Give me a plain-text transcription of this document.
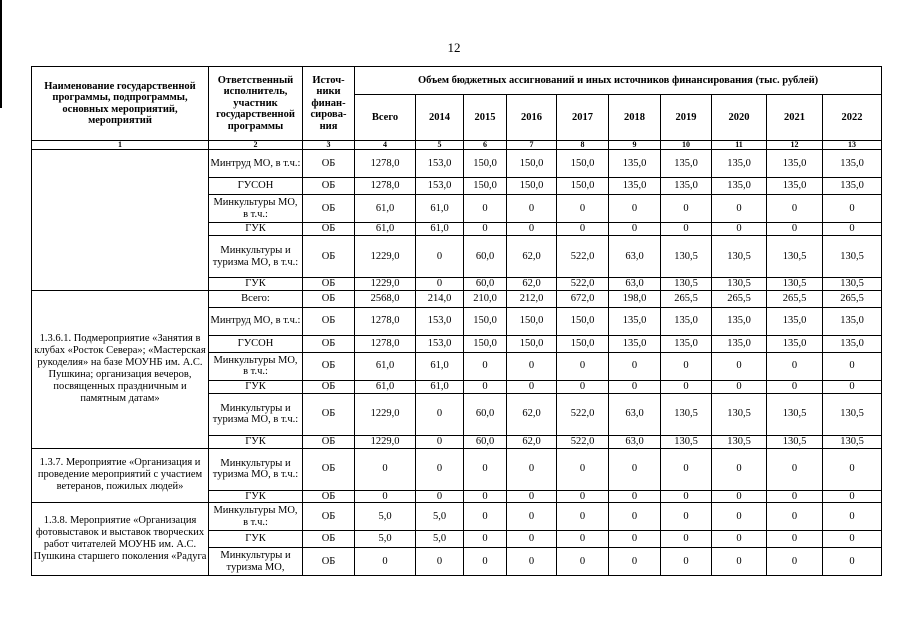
12
Наименование государственной программы, подпрограммы, основных мероприятий, мероприятий	Ответственный исполнитель, участник государственной программы	Источ-ники финан-сирова-ния	Объем бюджетных ассигнований и иных источников финансирования (тыс. рублей)									
			Всего	2014	2015	2016	2017	2018	2019	2020	2021	2022
1	2	3	4	5	6	7	8	9	10	11	12	13
	Минтруд МО, в т.ч.:	ОБ	1278,0	153,0	150,0	150,0	150,0	135,0	135,0	135,0	135,0	135,0
	ГУСОН	ОБ	1278,0	153,0	150,0	150,0	150,0	135,0	135,0	135,0	135,0	135,0
	Минкультуры МО, в т.ч.:	ОБ	61,0	61,0	0	0	0	0	0	0	0	0
	ГУК	ОБ	61,0	61,0	0	0	0	0	0	0	0	0
	Минкультуры и туризма МО, в т.ч.:	ОБ	1229,0	0	60,0	62,0	522,0	63,0	130,5	130,5	130,5	130,5
	ГУК	ОБ	1229,0	0	60,0	62,0	522,0	63,0	130,5	130,5	130,5	130,5
1.3.6.1. Подмероприятие «Занятия в клубах «Росток Севера»; «Мастерская рукоделия» на базе МОУНБ им. А.С. Пушкина; организация вечеров, посвященных праздничным и памятным датам»	Всего:	ОБ	2568,0	214,0	210,0	212,0	672,0	198,0	265,5	265,5	265,5	265,5
	Минтруд МО, в т.ч.:	ОБ	1278,0	153,0	150,0	150,0	150,0	135,0	135,0	135,0	135,0	135,0
	ГУСОН	ОБ	1278,0	153,0	150,0	150,0	150,0	135,0	135,0	135,0	135,0	135,0
	Минкультуры МО, в т.ч.:	ОБ	61,0	61,0	0	0	0	0	0	0	0	0
	ГУК	ОБ	61,0	61,0	0	0	0	0	0	0	0	0
	Минкультуры и туризма МО, в т.ч.:	ОБ	1229,0	0	60,0	62,0	522,0	63,0	130,5	130,5	130,5	130,5
	ГУК	ОБ	1229,0	0	60,0	62,0	522,0	63,0	130,5	130,5	130,5	130,5
1.3.7. Мероприятие «Организация и проведение мероприятий с участием ветеранов, пожилых людей»	Минкультуры и туризма МО, в т.ч.:	ОБ	0	0	0	0	0	0	0	0	0	0
	ГУК	ОБ	0	0	0	0	0	0	0	0	0	0
1.3.8. Мероприятие «Организация фотовыставок и выставок творческих работ читателей МОУНБ им. А.С. Пушкина старшего поколения «Радуга	Минкультуры МО, в т.ч.:	ОБ	5,0	5,0	0	0	0	0	0	0	0	0
	ГУК	ОБ	5,0	5,0	0	0	0	0	0	0	0	0
	Минкультуры и туризма МО,	ОБ	0	0	0	0	0	0	0	0	0	0
